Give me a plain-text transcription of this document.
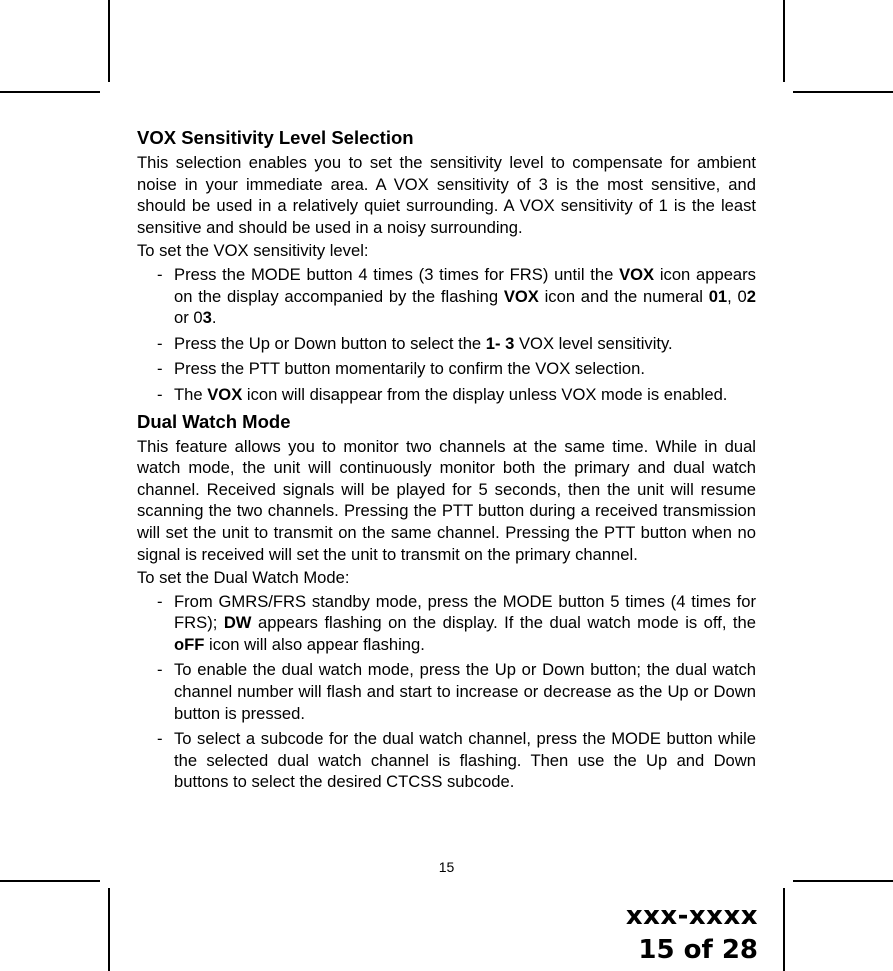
VOX Sensitivity Level Selection
This selection enables you to set the sensitivity level to compensate for ambient noise in your immediate area. A VOX sensitivity of 3 is the most sensitive, and should be used in a relatively quiet surrounding. A VOX sensitivity of 1 is the least sensitive and should be used in a noisy surrounding.
To set the VOX sensitivity level:
- Press the MODE button 4 times (3 times for FRS) until the VOX icon appears on the display accompanied by the flashing VOX icon and the numeral 01, 02 or 03.
- Press the Up or Down button to select the 1- 3 VOX level sensitivity.
- Press the PTT button momentarily to confirm the VOX selection.
- The VOX icon will disappear from the display unless VOX mode is enabled.
Dual Watch Mode
This feature allows you to monitor two channels at the same time. While in dual watch mode, the unit will continuously monitor both the primary and dual watch channel. Received signals will be played for 5 seconds, then the unit will resume scanning the two channels. Pressing the PTT button during a received transmission will set the unit to transmit on the same channel. Pressing the PTT button when no signal is received will set the unit to transmit on the primary channel.
To set the Dual Watch Mode:
- From GMRS/FRS standby mode, press the MODE button 5 times (4 times for FRS); DW appears flashing on the display. If the dual watch mode is off, the oFF icon will also appear flashing.
- To enable the dual watch mode, press the Up or Down button; the dual watch channel number will flash and start to increase or decrease as the Up or Down button is pressed.
- To select a subcode for the dual watch channel, press the MODE button while the selected dual watch channel is flashing. Then use the Up and Down buttons to select the desired CTCSS subcode.
15
xxx-xxxx
15 of 28
